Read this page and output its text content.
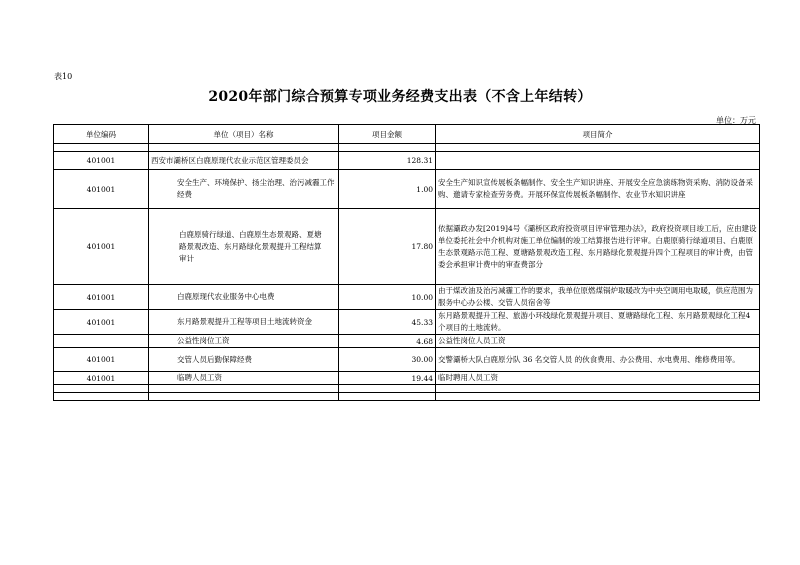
表10
2020年部门综合预算专项业务经费支出表（不含上年结转）
单位：万元
单位编码	单位（项目）名称	项目金额	项目简介

401001	西安市灞桥区白鹿原现代农业示范区管理委员会	128.31	
401001	安全生产、环境保护、扬尘治理、治污减霾工作经费	1.00	安全生产知识宣传展板条幅制作、安全生产知识讲座、开展安全应急演练物资采购、消防设备采购、邀请专家检查劳务费。开展环保宣传展板条幅制作、农业节水知识讲座
401001	白鹿原骑行绿道、白鹿原生态景观路、夏塘路景观改造、东月路绿化景观提升工程结算审计	17.80	依据灞政办发[2019]4号《灞桥区政府投资项目评审管理办法》，政府投资项目竣工后，应由建设单位委托社会中介机构对施工单位编制的竣工结算报告进行评审。白鹿原骑行绿道项目、白鹿原生态景观路示范工程、夏塘路景观改造工程、东月路绿化景观提升四个工程项目的审计费，由管委会承担审计费中的审查费部分
401001	白鹿原现代农业服务中心电费	10.00	由于煤改油及治污减霾工作的要求，我单位原燃煤锅炉取暖改为中央空调用电取暖，供应范围为服务中心办公楼、交管人员宿舍等
401001	东月路景观提升工程等项目土地流转资金	45.33	东月路景观提升工程、旅游小环线绿化景观提升项目、夏塘路绿化工程、东月路景观绿化工程4个项目的土地流转。

	公益性岗位工资	4.68	公益性岗位人员工资
401001	交管人员后勤保障经费	30.00	交警灞桥大队白鹿原分队 36 名交管人员 的伙食费用、办公费用、水电费用、维修费用等。
401001	临聘人员工资	19.44	临时聘用人员工资
